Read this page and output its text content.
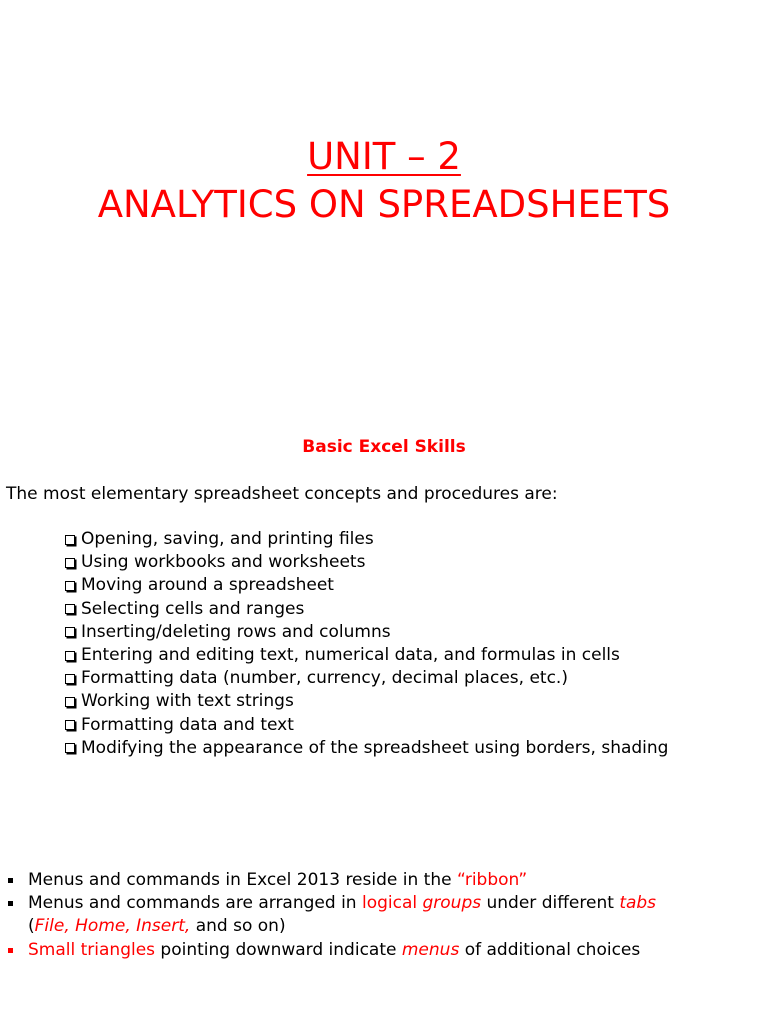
UNIT – 2
ANALYTICS ON SPREADSHEETS
Basic Excel Skills
The most elementary spreadsheet concepts and procedures are:
Opening, saving, and printing files
Using workbooks and worksheets
Moving around a spreadsheet
Selecting cells and ranges
Inserting/deleting rows and columns
Entering and editing text, numerical data, and formulas in cells
Formatting data (number, currency, decimal places, etc.)
Working with text strings
Formatting data and text
Modifying the appearance of the spreadsheet using borders, shading
Menus and commands in Excel 2013 reside in the “ribbon”
Menus and commands are arranged in logical groups under different tabs
(File, Home, Insert, and so on)
Small triangles pointing downward indicate menus of additional choices
